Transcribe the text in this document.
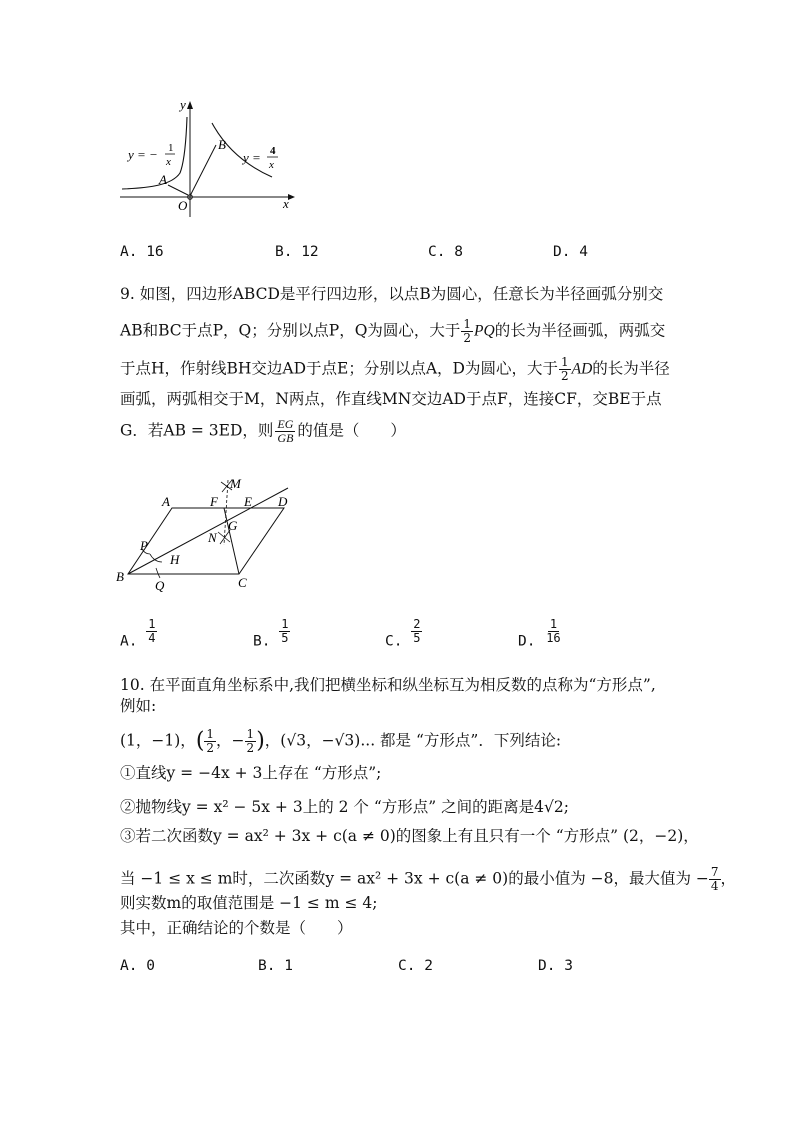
y
x
O
A
B
y = − 1
x	y = 4
x
A. 16	B. 12	C. 8	D. 4
9. 如图，四边形ABCD是平行四边形，以点B为圆心，任意长为半径画弧分别交
AB和BC于点P，Q；分别以点P，Q为圆心，大于 $\frac{1}{2}$ PQ的长为半径画弧，两弧交
于点H，作射线BH交边AD于点E；分别以点A，D为圆心，大于 $\frac{1}{2}$ AD的长为半径
画弧，两弧相交于M，N两点，作直线MN交边AD于点F，连接CF，交BE于点
G．若AB = 3ED，则 $\frac{EG}{GB}$ 的值是（　　）
A
B	C
D
E
F
G
H
M
N
P
Q
A. $\frac{1}{4}$	B. $\frac{1}{5}$	C. $\frac{2}{5}$	D. $\frac{1}{16}$
10. 在平面直角坐标系中,我们把横坐标和纵坐标互为相反数的点称为“方形点”,
例如:
(1，−1)，( $\frac{1}{2}$ ，− $\frac{1}{2}$ )，(√3，−√3)... 都是 “方形点”．下列结论:
①直线y = −4x + 3上存在 “方形点”;
②抛物线y = x² − 5x + 3上的 2 个 “方形点” 之间的距离是4√2;
③若二次函数y = ax² + 3x + c(a ≠ 0)的图象上有且只有一个 “方形点” (2，−2)，
当 −1 ≤ x ≤ m时，二次函数y = ax² + 3x + c(a ≠ 0)的最小值为 −8，最大值为 − $\frac{7}{4}$ ，
则实数m的取值范围是 −1 ≤ m ≤ 4;
其中，正确结论的个数是（　　）
A. 0	B. 1	C. 2	D. 3
